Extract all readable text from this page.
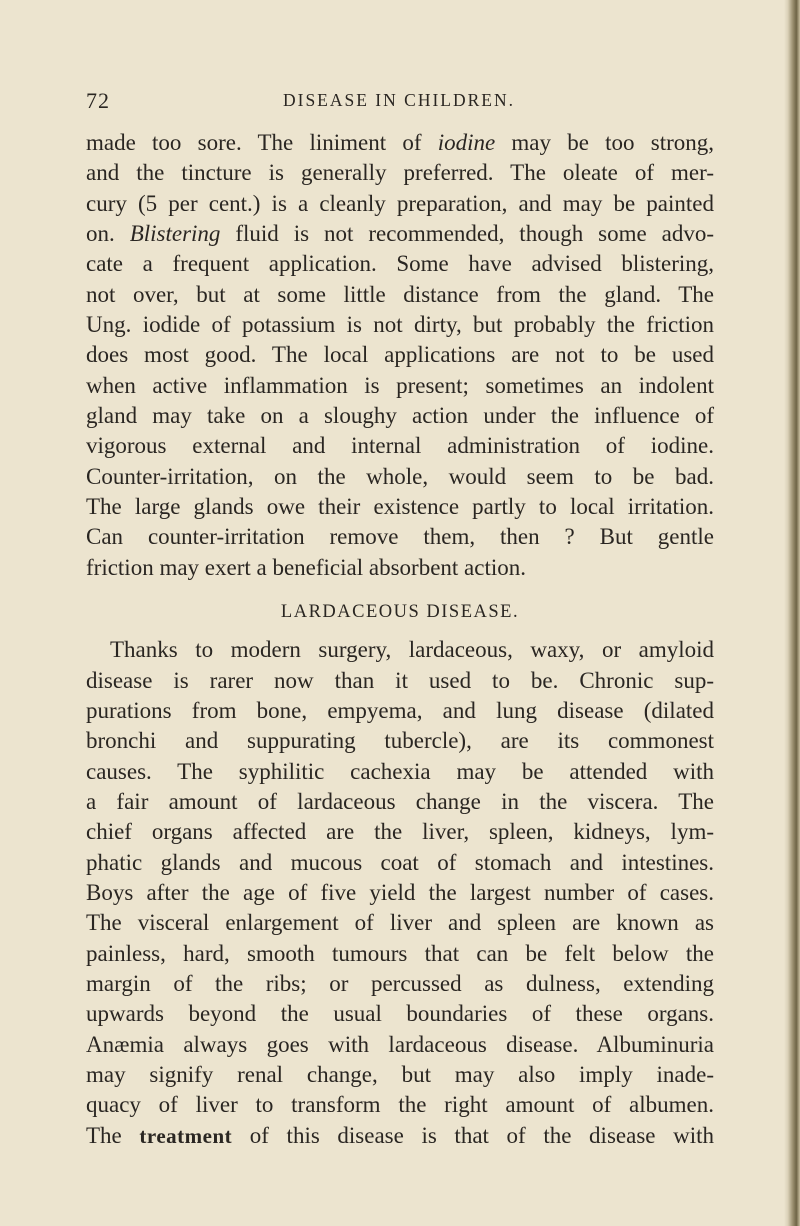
72	DISEASE IN CHILDREN.
made too sore. The liniment of iodine may be too strong,
and the tincture is generally preferred. The oleate of mer-
cury (5 per cent.) is a cleanly preparation, and may be painted
on. Blistering fluid is not recommended, though some advo-
cate a frequent application. Some have advised blistering,
not over, but at some little distance from the gland. The
Ung. iodide of potassium is not dirty, but probably the friction
does most good. The local applications are not to be used
when active inflammation is present; sometimes an indolent
gland may take on a sloughy action under the influence of
vigorous external and internal administration of iodine.
Counter-irritation, on the whole, would seem to be bad.
The large glands owe their existence partly to local irritation.
Can counter-irritation remove them, then ? But gentle
friction may exert a beneficial absorbent action.
LARDACEOUS DISEASE.
Thanks to modern surgery, lardaceous, waxy, or amyloid
disease is rarer now than it used to be. Chronic sup-
purations from bone, empyema, and lung disease (dilated
bronchi and suppurating tubercle), are its commonest
causes. The syphilitic cachexia may be attended with
a fair amount of lardaceous change in the viscera. The
chief organs affected are the liver, spleen, kidneys, lym-
phatic glands and mucous coat of stomach and intestines.
Boys after the age of five yield the largest number of cases.
The visceral enlargement of liver and spleen are known as
painless, hard, smooth tumours that can be felt below the
margin of the ribs; or percussed as dulness, extending
upwards beyond the usual boundaries of these organs.
Anæmia always goes with lardaceous disease. Albuminuria
may signify renal change, but may also imply inade-
quacy of liver to transform the right amount of albumen.
The treatment of this disease is that of the disease with
